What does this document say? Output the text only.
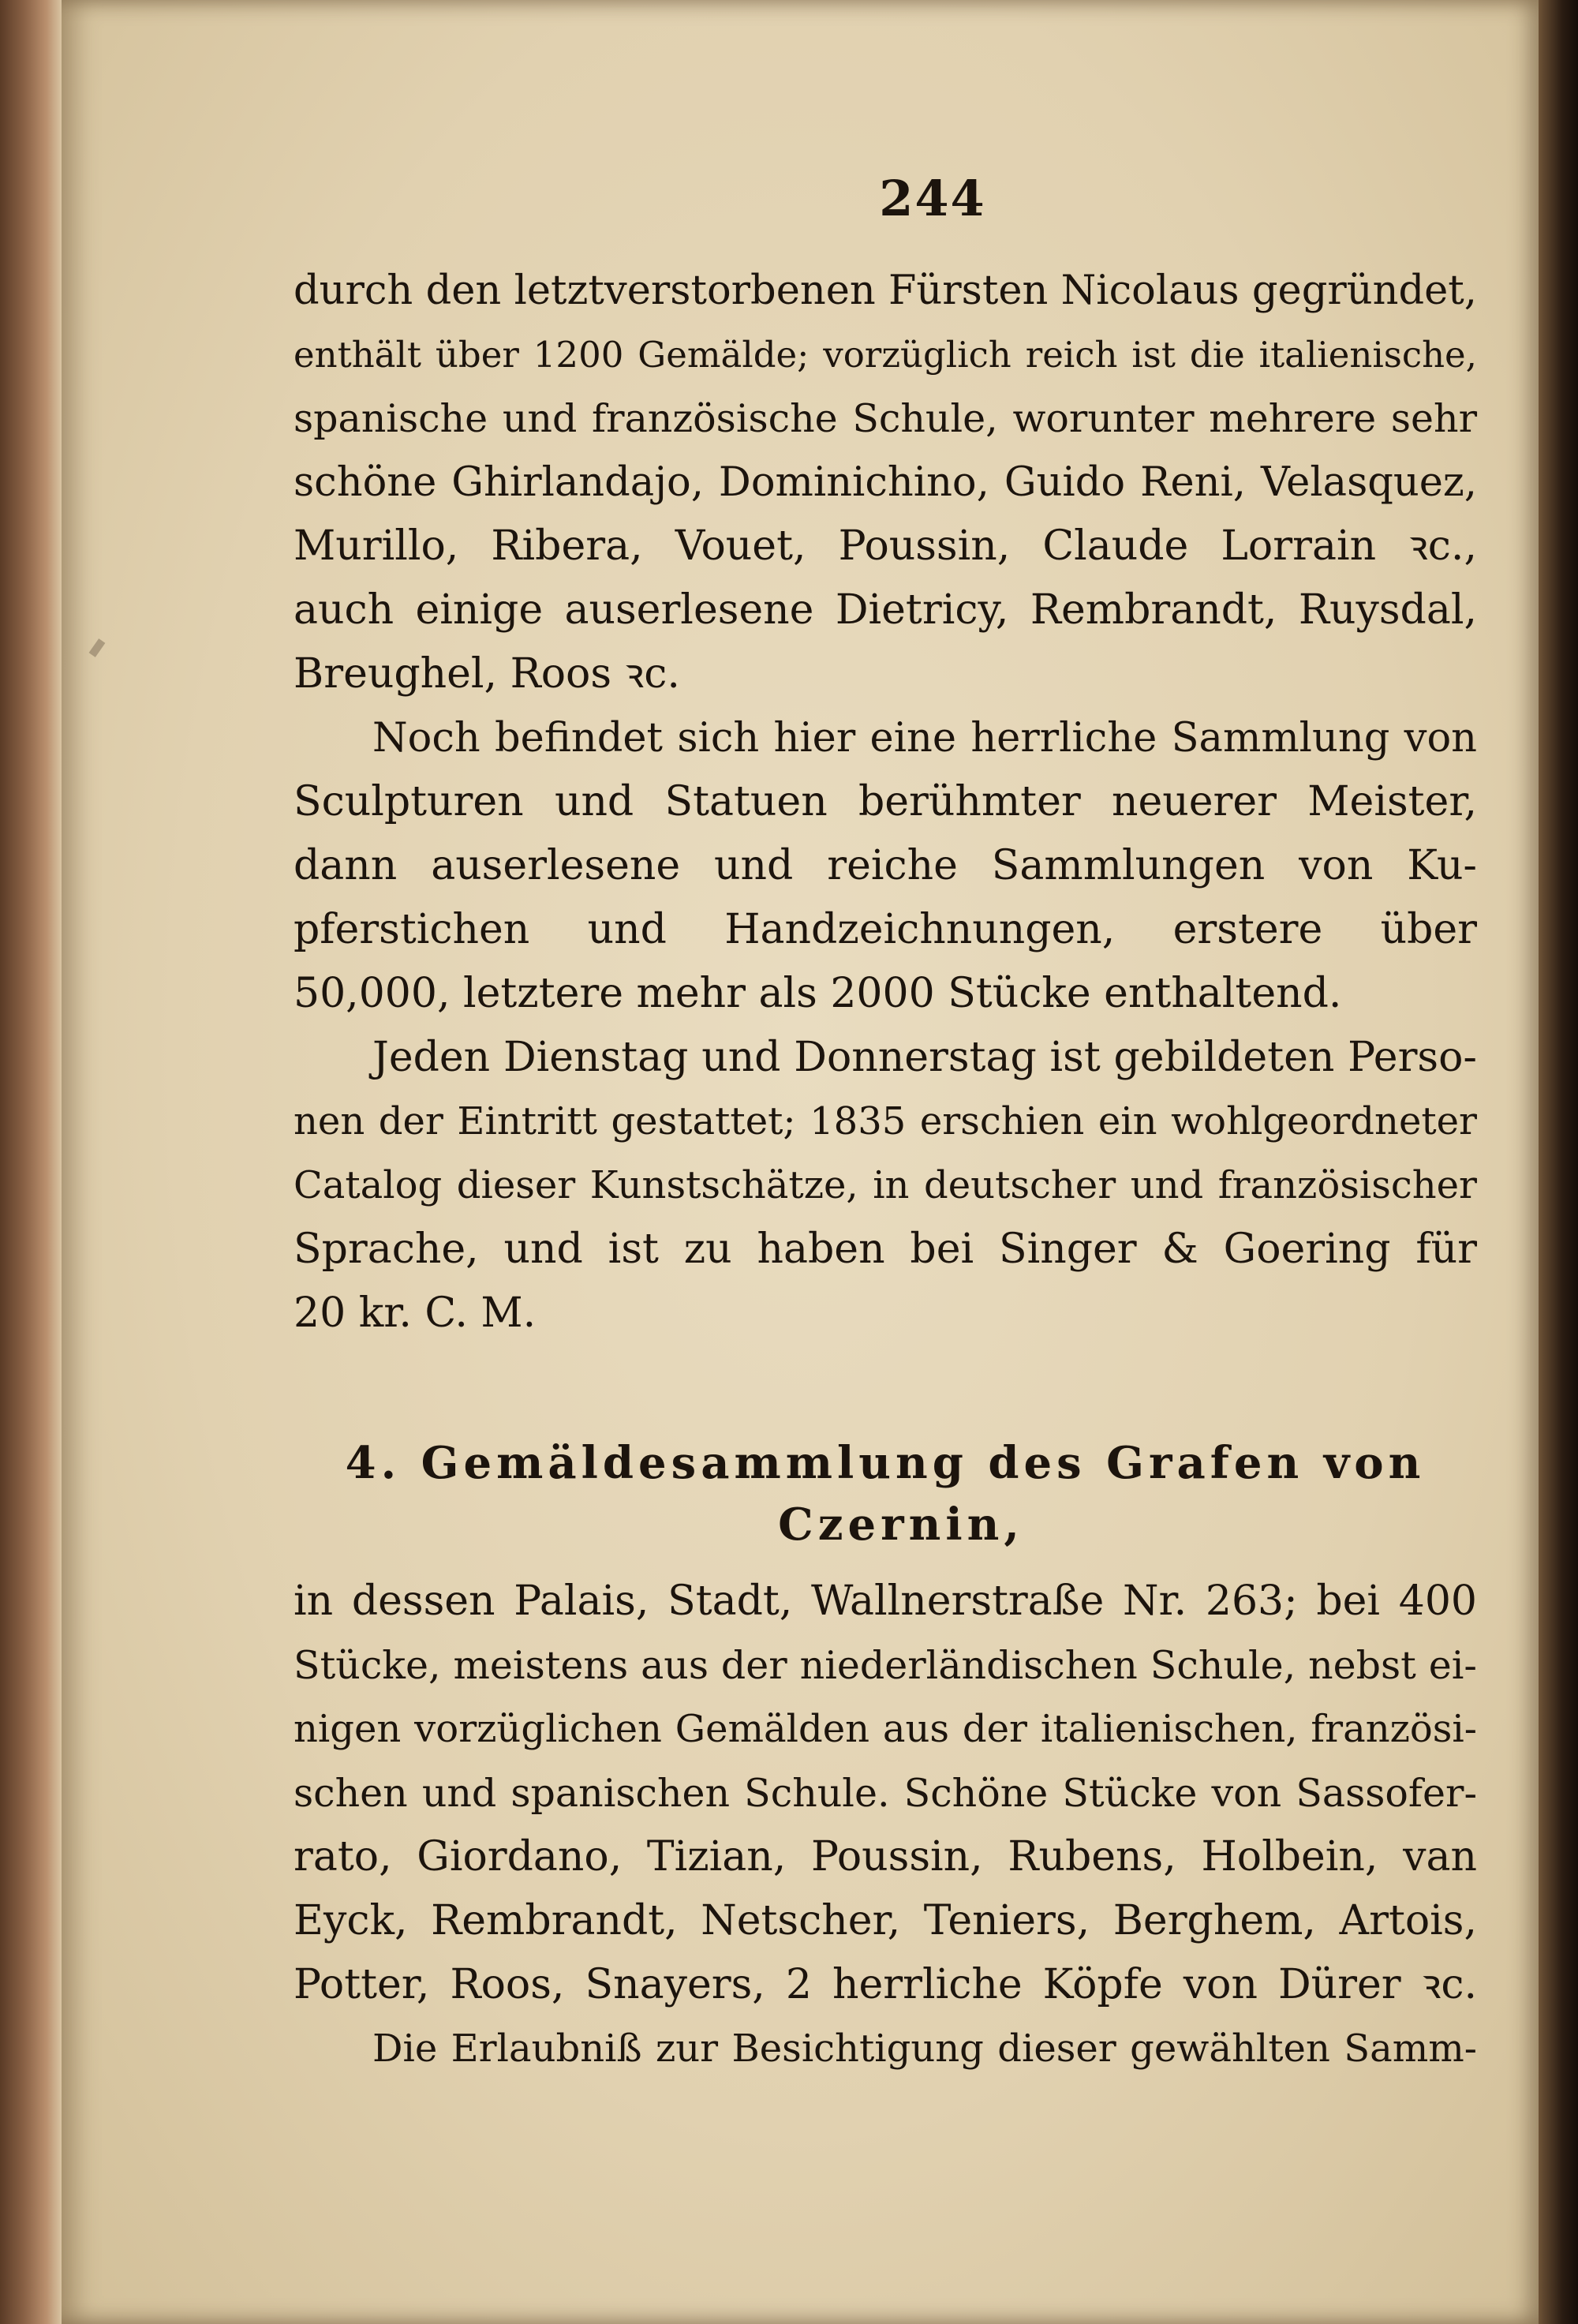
244
durch den letztverstorbenen Fürsten Nicolaus gegründet,
enthält über 1200 Gemälde; vorzüglich reich ist die italienische,
spanische und französische Schule, worunter mehrere sehr
schöne Ghirlandajo, Dominichino, Guido Reni, Velasquez,
Murillo, Ribera, Vouet, Poussin, Claude Lorrain ꝛc.,
auch einige auserlesene Dietricy, Rembrandt, Ruysdal,
Breughel, Roos ꝛc.
Noch befindet sich hier eine herrliche Sammlung von
Sculpturen und Statuen berühmter neuerer Meister,
dann auserlesene und reiche Sammlungen von Ku-
pferstichen und Handzeichnungen, erstere über
50,000, letztere mehr als 2000 Stücke enthaltend.
Jeden Dienstag und Donnerstag ist gebildeten Perso-
nen der Eintritt gestattet; 1835 erschien ein wohlgeordneter
Catalog dieser Kunstschätze, in deutscher und französischer
Sprache, und ist zu haben bei Singer & Goering für
20 kr. C. M.
4. Gemäldesammlung des Grafen von
Czernin,
in dessen Palais, Stadt, Wallnerstraße Nr. 263; bei 400
Stücke, meistens aus der niederländischen Schule, nebst ei-
nigen vorzüglichen Gemälden aus der italienischen, französi-
schen und spanischen Schule. Schöne Stücke von Sassofer-
rato, Giordano, Tizian, Poussin, Rubens, Holbein, van
Eyck, Rembrandt, Netscher, Teniers, Berghem, Artois,
Potter, Roos, Snayers, 2 herrliche Köpfe von Dürer ꝛc.
Die Erlaubniß zur Besichtigung dieser gewählten Samm-
